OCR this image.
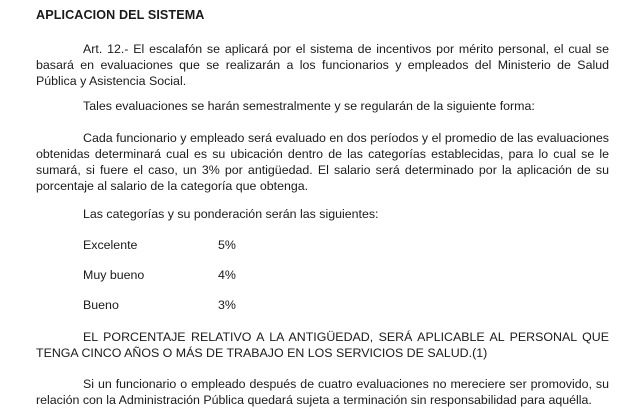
APLICACION DEL SISTEMA

Art. 12.- El escalafón se aplicará por el sistema de incentivos por mérito personal, el cual se basará en evaluaciones que se realizarán a los funcionarios y empleados del Ministerio de Salud Pública y Asistencia Social.

Tales evaluaciones se harán semestralmente y se regularán de la siguiente forma:

Cada funcionario y empleado será evaluado en dos períodos y el promedio de las evaluaciones obtenidas determinará cual es su ubicación dentro de las categorías establecidas, para lo cual se le sumará, si fuere el caso, un 3% por antigüedad. El salario será determinado por la aplicación de su porcentaje al salario de la categoría que obtenga.

Las categorías y su ponderación serán las siguientes:

Excelente	5%
Muy bueno	4%
Bueno	3%

EL PORCENTAJE RELATIVO A LA ANTIGÜEDAD, SERÁ APLICABLE AL PERSONAL QUE TENGA CINCO AÑOS O MÁS DE TRABAJO EN LOS SERVICIOS DE SALUD.(1)

Si un funcionario o empleado después de cuatro evaluaciones no mereciere ser promovido, su relación con la Administración Pública quedará sujeta a terminación sin responsabilidad para aquélla.
